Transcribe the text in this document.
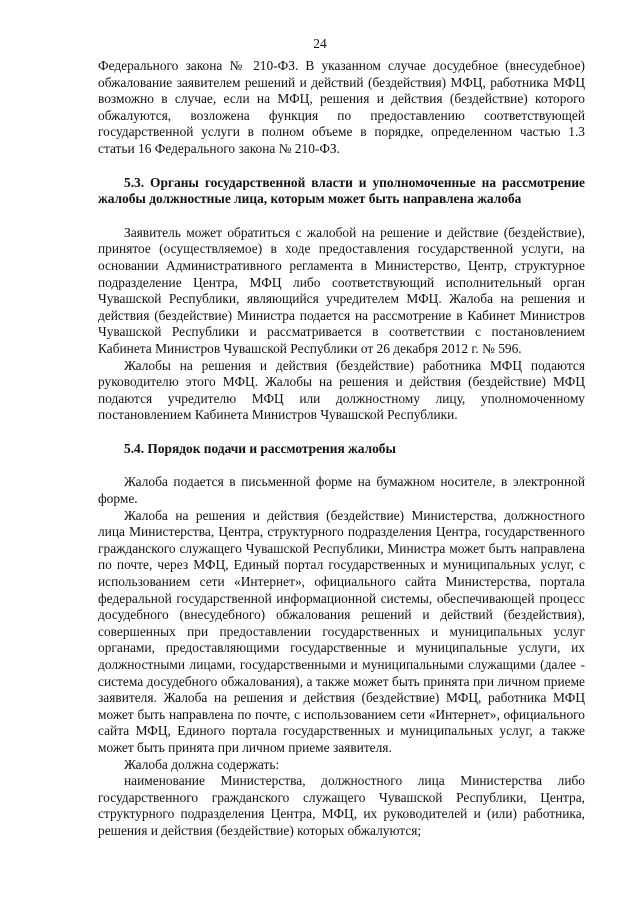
24

Федерального закона № 210-ФЗ. В указанном случае досудебное (внесудебное) обжалование заявителем решений и действий (бездействия) МФЦ, работника МФЦ возможно в случае, если на МФЦ, решения и действия (бездействие) которого обжалуются, возложена функция по предоставлению соответствующей государственной услуги в полном объеме в порядке, определенном частью 1.3 статьи 16 Федерального закона № 210-ФЗ.

5.3. Органы государственной власти и уполномоченные на рассмотрение жалобы должностные лица, которым может быть направлена жалоба

Заявитель может обратиться с жалобой на решение и действие (бездействие), принятое (осуществляемое) в ходе предоставления государственной услуги, на основании Административного регламента в Министерство, Центр, структурное подразделение Центра, МФЦ либо соответствующий исполнительный орган Чувашской Республики, являющийся учредителем МФЦ. Жалоба на решения и действия (бездействие) Министра подается на рассмотрение в Кабинет Министров Чувашской Республики и рассматривается в соответствии с постановлением Кабинета Министров Чувашской Республики от 26 декабря 2012 г. № 596.

Жалобы на решения и действия (бездействие) работника МФЦ подаются руководителю этого МФЦ. Жалобы на решения и действия (бездействие) МФЦ подаются учредителю МФЦ или должностному лицу, уполномоченному постановлением Кабинета Министров Чувашской Республики.

5.4. Порядок подачи и рассмотрения жалобы

Жалоба подается в письменной форме на бумажном носителе, в электронной форме.

Жалоба на решения и действия (бездействие) Министерства, должностного лица Министерства, Центра, структурного подразделения Центра, государственного гражданского служащего Чувашской Республики, Министра может быть направлена по почте, через МФЦ, Единый портал государственных и муниципальных услуг, с использованием сети «Интернет», официального сайта Министерства, портала федеральной государственной информационной системы, обеспечивающей процесс досудебного (внесудебного) обжалования решений и действий (бездействия), совершенных при предоставлении государственных и муниципальных услуг органами, предоставляющими государственные и муниципальные услуги, их должностными лицами, государственными и муниципальными служащими (далее - система досудебного обжалования), а также может быть принята при личном приеме заявителя. Жалоба на решения и действия (бездействие) МФЦ, работника МФЦ может быть направлена по почте, с использованием сети «Интернет», официального сайта МФЦ, Единого портала государственных и муниципальных услуг, а также может быть принята при личном приеме заявителя.

Жалоба должна содержать:

наименование Министерства, должностного лица Министерства либо государственного гражданского служащего Чувашской Республики, Центра, структурного подразделения Центра, МФЦ, их руководителей и (или) работника, решения и действия (бездействие) которых обжалуются;
